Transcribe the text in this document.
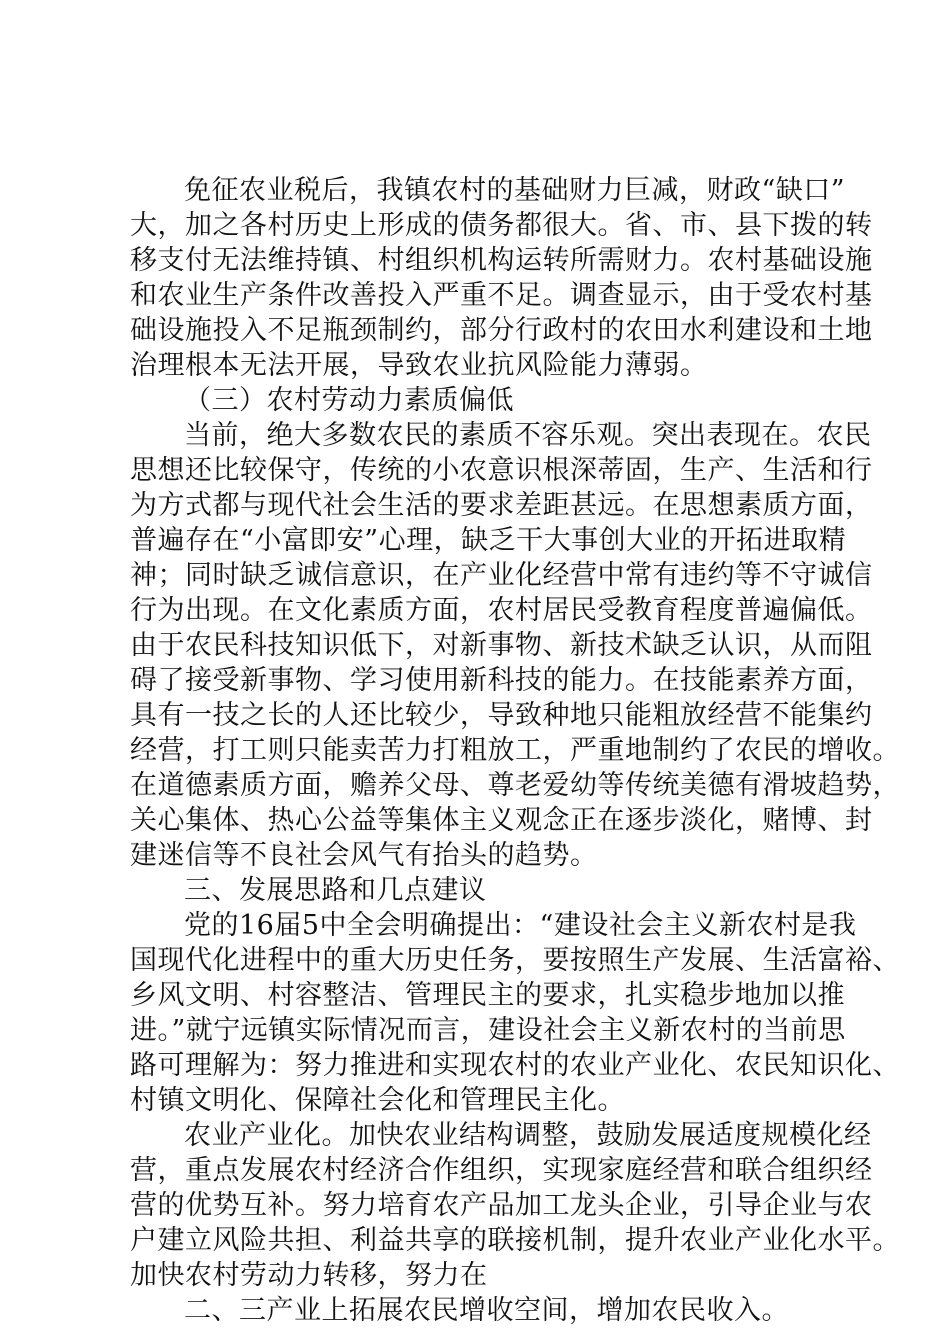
免征农业税后，我镇农村的基础财力巨减，财政“缺口”
大，加之各村历史上形成的债务都很大。省、市、县下拨的转
移支付无法维持镇、村组织机构运转所需财力。农村基础设施
和农业生产条件改善投入严重不足。调查显示，由于受农村基
础设施投入不足瓶颈制约，部分行政村的农田水利建设和土地
治理根本无法开展，导致农业抗风险能力薄弱。
（三）农村劳动力素质偏低
当前，绝大多数农民的素质不容乐观。突出表现在。农民
思想还比较保守，传统的小农意识根深蒂固，生产、生活和行
为方式都与现代社会生活的要求差距甚远。在思想素质方面，
普遍存在“小富即安”心理，缺乏干大事创大业的开拓进取精
神；同时缺乏诚信意识，在产业化经营中常有违约等不守诚信
行为出现。在文化素质方面，农村居民受教育程度普遍偏低。
由于农民科技知识低下，对新事物、新技术缺乏认识，从而阻
碍了接受新事物、学习使用新科技的能力。在技能素养方面，
具有一技之长的人还比较少，导致种地只能粗放经营不能集约
经营，打工则只能卖苦力打粗放工，严重地制约了农民的增收。
在道德素质方面，赡养父母、尊老爱幼等传统美德有滑坡趋势，
关心集体、热心公益等集体主义观念正在逐步淡化，赌博、封
建迷信等不良社会风气有抬头的趋势。
三、发展思路和几点建议
党的16届5中全会明确提出：“建设社会主义新农村是我
国现代化进程中的重大历史任务，要按照生产发展、生活富裕、
乡风文明、村容整洁、管理民主的要求，扎实稳步地加以推
进。”就宁远镇实际情况而言，建设社会主义新农村的当前思
路可理解为：努力推进和实现农村的农业产业化、农民知识化、
村镇文明化、保障社会化和管理民主化。
农业产业化。加快农业结构调整，鼓励发展适度规模化经
营，重点发展农村经济合作组织，实现家庭经营和联合组织经
营的优势互补。努力培育农产品加工龙头企业，引导企业与农
户建立风险共担、利益共享的联接机制，提升农业产业化水平。
加快农村劳动力转移，努力在
二、三产业上拓展农民增收空间，增加农民收入。
